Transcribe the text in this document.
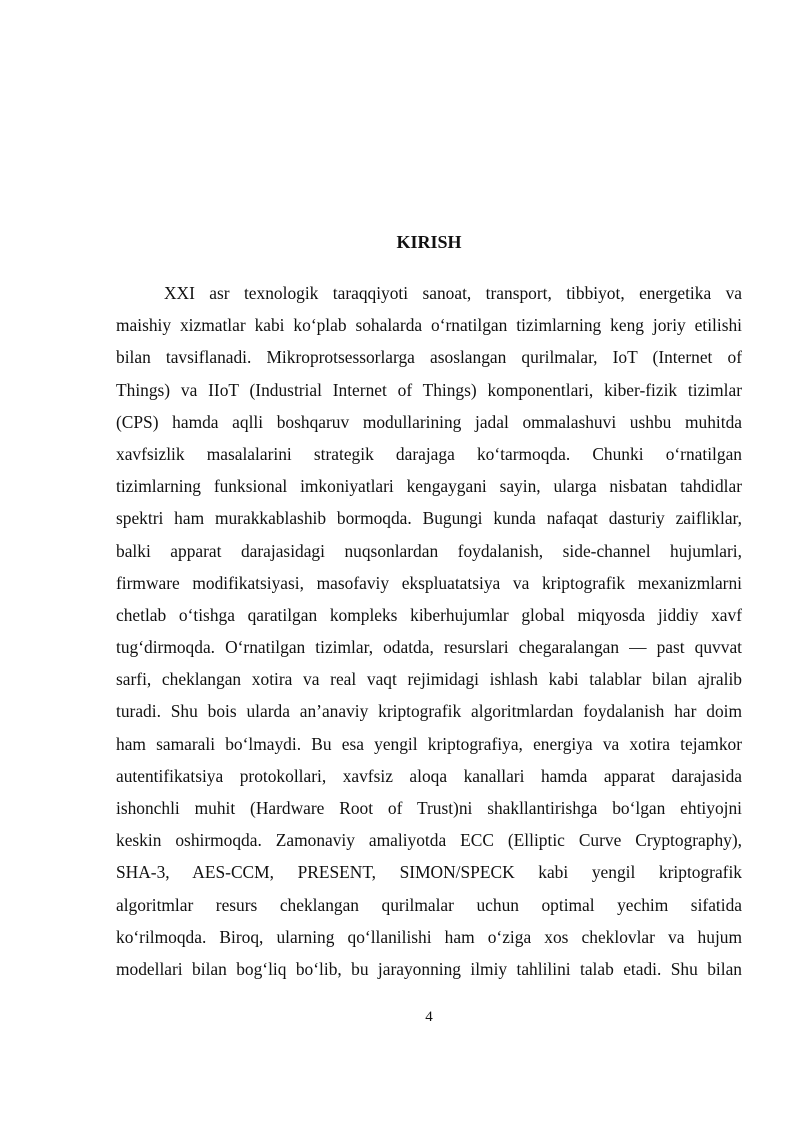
KIRISH
XXI asr texnologik taraqqiyoti sanoat, transport, tibbiyot, energetika va
maishiy xizmatlar kabi ko‘plab sohalarda o‘rnatilgan tizimlarning keng joriy etilishi
bilan tavsiflanadi. Mikroprotsessorlarga asoslangan qurilmalar, IoT (Internet of
Things) va IIoT (Industrial Internet of Things) komponentlari, kiber-fizik tizimlar
(CPS) hamda aqlli boshqaruv modullarining jadal ommalashuvi ushbu muhitda
xavfsizlik masalalarini strategik darajaga ko‘tarmoqda. Chunki o‘rnatilgan
tizimlarning funksional imkoniyatlari kengaygani sayin, ularga nisbatan tahdidlar
spektri ham murakkablashib bormoqda. Bugungi kunda nafaqat dasturiy zaifliklar,
balki apparat darajasidagi nuqsonlardan foydalanish, side-channel hujumlari,
firmware modifikatsiyasi, masofaviy ekspluatatsiya va kriptografik mexanizmlarni
chetlab o‘tishga qaratilgan kompleks kiberhujumlar global miqyosda jiddiy xavf
tug‘dirmoqda. O‘rnatilgan tizimlar, odatda, resurslari chegaralangan — past quvvat
sarfi, cheklangan xotira va real vaqt rejimidagi ishlash kabi talablar bilan ajralib
turadi. Shu bois ularda an’anaviy kriptografik algoritmlardan foydalanish har doim
ham samarali bo‘lmaydi. Bu esa yengil kriptografiya, energiya va xotira tejamkor
autentifikatsiya protokollari, xavfsiz aloqa kanallari hamda apparat darajasida
ishonchli muhit (Hardware Root of Trust)ni shakllantirishga bo‘lgan ehtiyojni
keskin oshirmoqda. Zamonaviy amaliyotda ECC (Elliptic Curve Cryptography),
SHA-3, AES-CCM, PRESENT, SIMON/SPECK kabi yengil kriptografik
algoritmlar resurs cheklangan qurilmalar uchun optimal yechim sifatida
ko‘rilmoqda. Biroq, ularning qo‘llanilishi ham o‘ziga xos cheklovlar va hujum
modellari bilan bog‘liq bo‘lib, bu jarayonning ilmiy tahlilini talab etadi. Shu bilan
4
